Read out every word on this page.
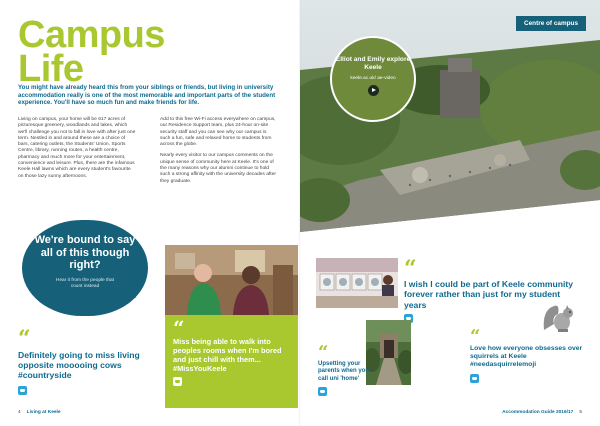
Centre of campus
Elliot and Emily explore Keele
keele.ac.uk/ ae-video
Campus
Life
You might have already heard this from your siblings or friends, but living in university accommodation really is one of the most memorable and important parts of the student experience. You'll have so much fun and make friends for life.
Living on campus, your home will be 617 acres of picturesque greenery, woodlands and lakes, which we'll challenge you not to fall in love with after just one term. Nestled in and around these are a choice of bars, catering outlets, the Students' Union, Sports Centre, library, running routes, a health centre, pharmacy and much more for your entertainment, convenience and leisure. Plus, there are the infamous Keele Hall lawns which are every student's favourite on those lazy sunny afternoons.

Add to this free Wi-Fi access everywhere on campus, our Residence Support team, plus 24-hour on-site security staff and you can see why our campus is such a fun, safe and relaxed home to students from across the globe.

Nearly every visitor to our campus comments on the unique sense of community here at Keele. It's one of the many reasons why our alumni continue to hold such a strong affinity with the university decades after they graduate.

We're bound to say all of this though right?
Hear it from the people that count instead
“
Definitely going to miss living opposite mooooing cows #countryside
“
Miss being able to walk into peoples rooms when I'm bored and just chill with them... #MissYouKeele
“
I wish I could be part of Keele community forever rather than just for my student years
“
Upsetting your parents when you call uni 'home'
“
Love how everyone obsesses over squirrels at Keele #needasquirrelemoji
4 Living at Keele	Accommodation Guide 2016/17 5
